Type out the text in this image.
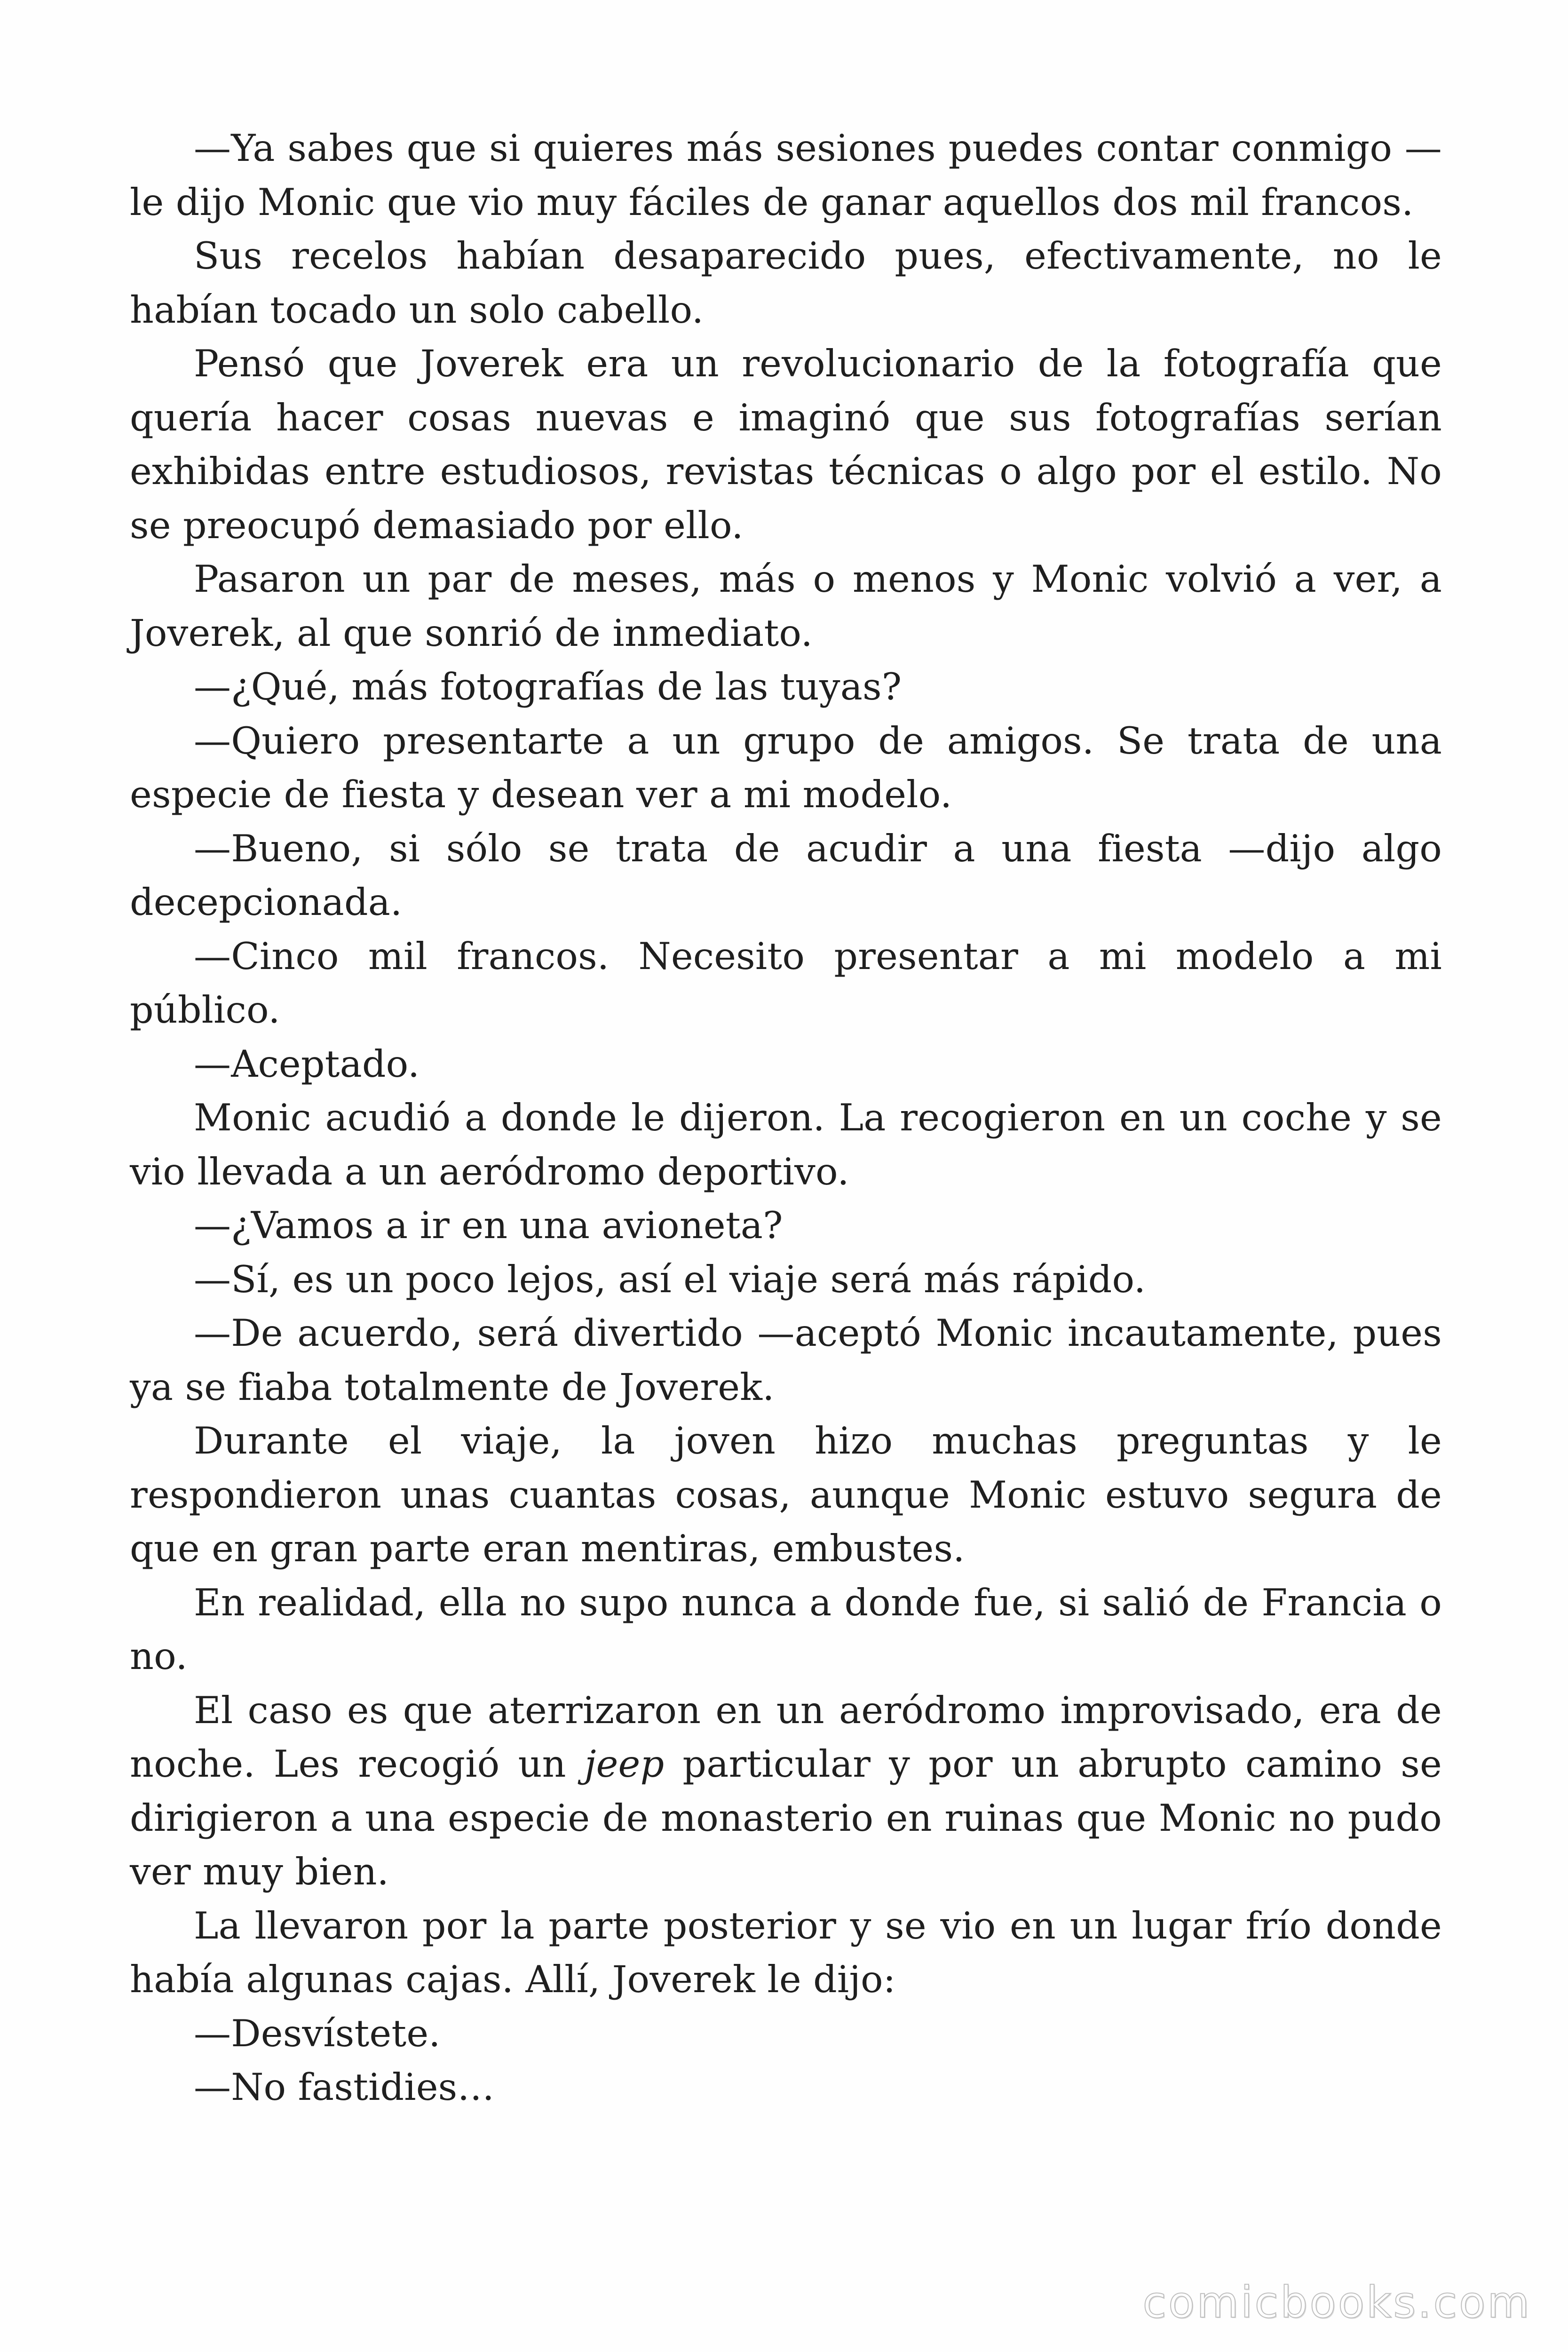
—Ya sabes que si quieres más sesiones puedes contar conmigo —le dijo Monic que vio muy fáciles de ganar aquellos dos mil francos.

Sus recelos habían desaparecido pues, efectivamente, no le habían tocado un solo cabello.

Pensó que Joverek era un revolucionario de la fotografía que quería hacer cosas nuevas e imaginó que sus fotografías serían exhibidas entre estudiosos, revistas técnicas o algo por el estilo. No se preocupó demasiado por ello.

Pasaron un par de meses, más o menos y Monic volvió a ver, a Joverek, al que sonrió de inmediato.

—¿Qué, más fotografías de las tuyas?

—Quiero presentarte a un grupo de amigos. Se trata de una especie de fiesta y desean ver a mi modelo.

—Bueno, si sólo se trata de acudir a una fiesta —dijo algo decepcionada.

—Cinco mil francos. Necesito presentar a mi modelo a mi público.

—Aceptado.

Monic acudió a donde le dijeron. La recogieron en un coche y se vio llevada a un aeródromo deportivo.

—¿Vamos a ir en una avioneta?

—Sí, es un poco lejos, así el viaje será más rápido.

—De acuerdo, será divertido —aceptó Monic incautamente, pues ya se fiaba totalmente de Joverek.

Durante el viaje, la joven hizo muchas preguntas y le respondieron unas cuantas cosas, aunque Monic estuvo segura de que en gran parte eran mentiras, embustes.

En realidad, ella no supo nunca a donde fue, si salió de Francia o no.

El caso es que aterrizaron en un aeródromo improvisado, era de noche. Les recogió un jeep particular y por un abrupto camino se dirigieron a una especie de monasterio en ruinas que Monic no pudo ver muy bien.

La llevaron por la parte posterior y se vio en un lugar frío donde había algunas cajas. Allí, Joverek le dijo:

—Desvístete.

—No fastidies…

comicbooks.com
